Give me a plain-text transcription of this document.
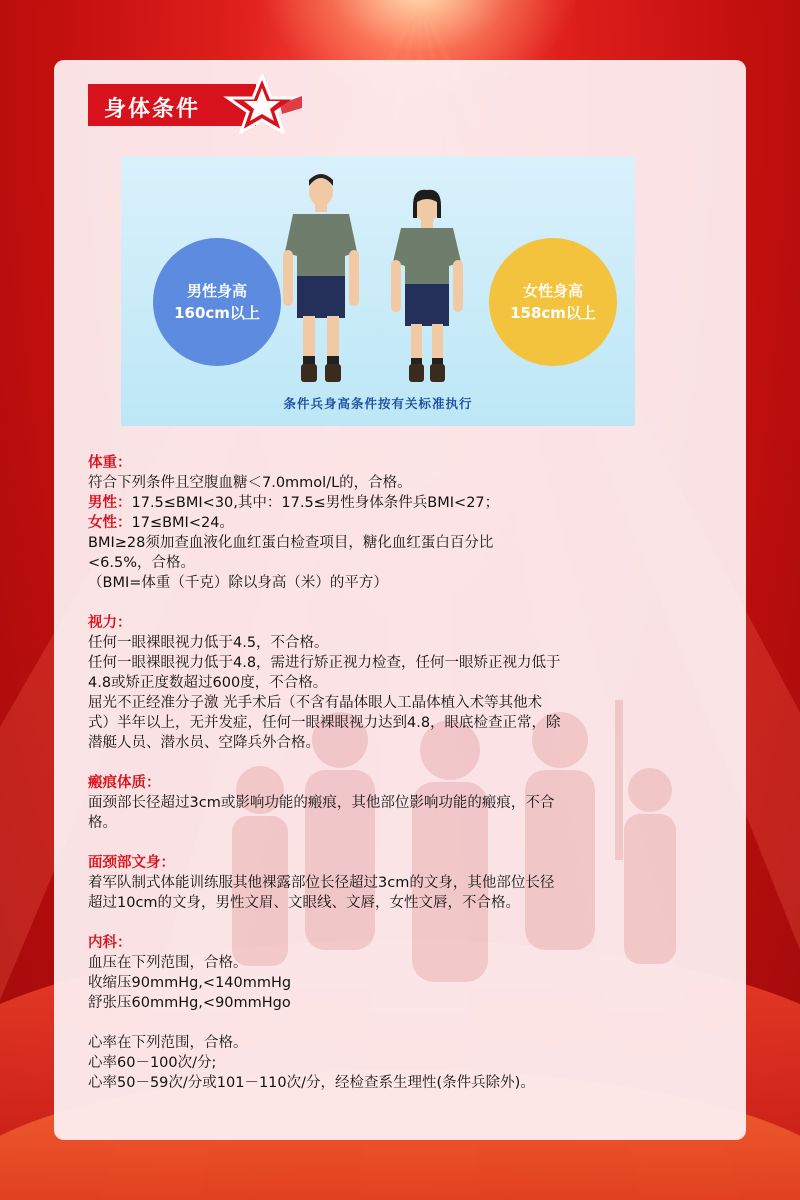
身体条件
男性身高
160cm以上
女性身高
158cm以上
条件兵身高条件按有关标准执行

体重：

符合下列条件且空腹血糖＜7.0mmol/L的，合格。

男性：17.5≤BMI<30,其中：17.5≤男性身体条件兵BMI<27；

女性：17≤BMI<24。

BMI≥28须加查血液化血红蛋白检查项目，糖化血红蛋白百分比

<6.5%，合格。

（BMI=体重（千克）除以身高（米）的平方）

视力：

任何一眼裸眼视力低于4.5，不合格。

任何一眼裸眼视力低于4.8，需进行矫正视力检查，任何一眼矫正视力低于

4.8或矫正度数超过600度，不合格。

屈光不正经准分子激 光手术后（不含有晶体眼人工晶体植入术等其他术

式）半年以上，无并发症，任何一眼裸眼视力达到4.8，眼底检查正常，除

潜艇人员、潜水员、空降兵外合格。

瘢痕体质：

面颈部长径超过3cm或影响功能的瘢痕，其他部位影响功能的瘢痕，不合

格。

面颈部文身：

着军队制式体能训练服其他裸露部位长径超过3cm的文身，其他部位长径

超过10cm的文身，男性文眉、文眼线、文唇，女性文唇，不合格。

内科：

血压在下列范围，合格。

收缩压90mmHg,<140mmHg

舒张压60mmHg,<90mmHgo

心率在下列范围，合格。

心率60－100次/分;

心率50－59次/分或101－110次/分，经检查系生理性(条件兵除外)。
